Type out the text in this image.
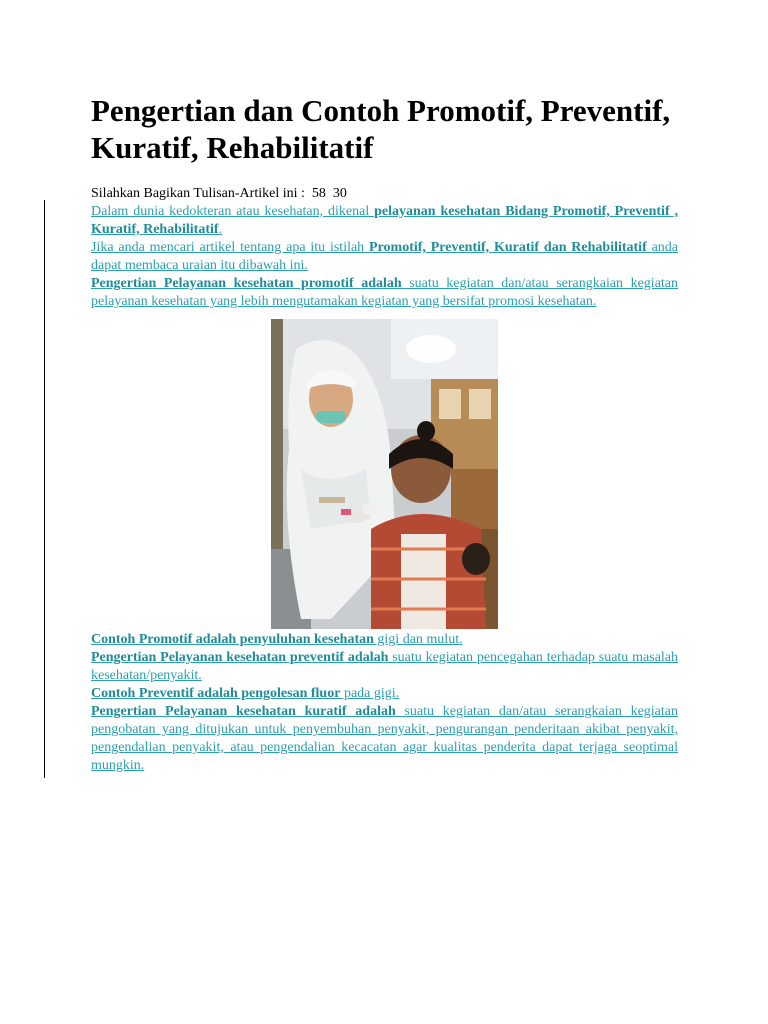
Pengertian dan Contoh Promotif, Preventif, Kuratif, Rehabilitatif

Silahkan Bagikan Tulisan-Artikel ini : 58 30

Dalam dunia kedokteran atau kesehatan, dikenal pelayanan kesehatan Bidang Promotif, Preventif , Kuratif, Rehabilitatif.

Jika anda mencari artikel tentang apa itu istilah Promotif, Preventif, Kuratif dan Rehabilitatif anda dapat membaca uraian itu dibawah ini.

Pengertian Pelayanan kesehatan promotif adalah suatu kegiatan dan/atau serangkaian kegiatan pelayanan kesehatan yang lebih mengutamakan kegiatan yang bersifat promosi kesehatan.

Contoh Promotif adalah penyuluhan kesehatan gigi dan mulut.

Pengertian Pelayanan kesehatan preventif adalah suatu kegiatan pencegahan terhadap suatu masalah kesehatan/penyakit.

Contoh Preventif adalah pengolesan fluor pada gigi.

Pengertian Pelayanan kesehatan kuratif adalah suatu kegiatan dan/atau serangkaian kegiatan pengobatan yang ditujukan untuk penyembuhan penyakit, pengurangan penderitaan akibat penyakit, pengendalian penyakit, atau pengendalian kecacatan agar kualitas penderita dapat terjaga seoptimal mungkin.
